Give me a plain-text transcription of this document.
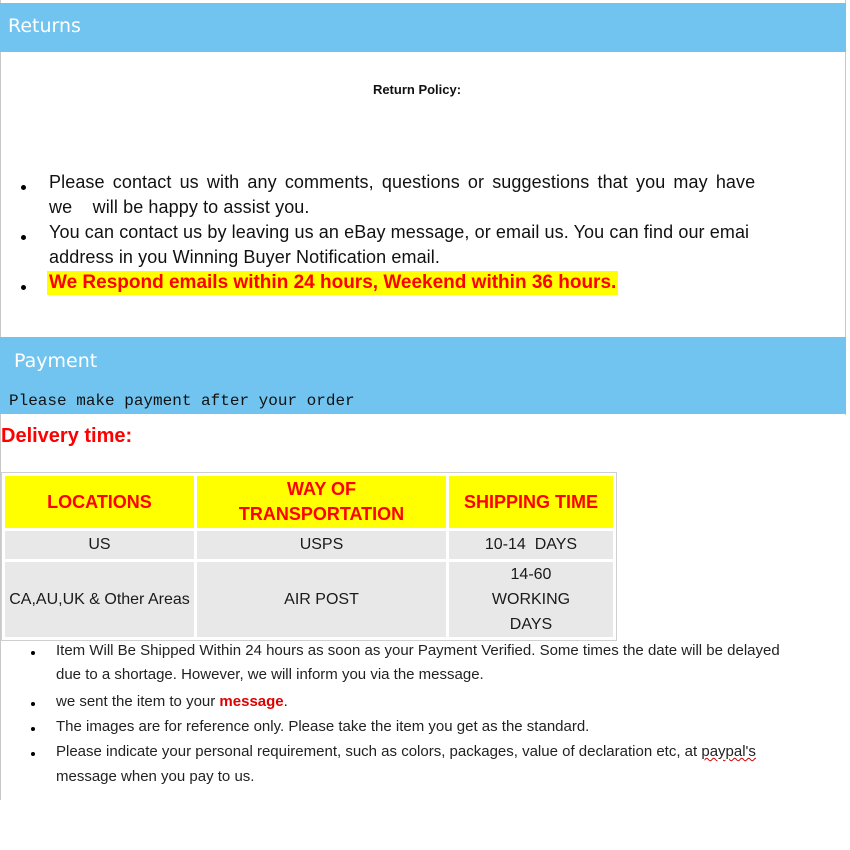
Returns
Return Policy:
Please contact us with any comments, questions or suggestions that you may have
we    will be happy to assist you.
You can contact us by leaving us an eBay message, or email us. You can find our emai
address in you Winning Buyer Notification email.
We Respond emails within 24 hours, Weekend within 36 hours.
Payment
Please make payment after your order
Delivery time:
LOCATIONS	WAY OF TRANSPORTATION	SHIPPING TIME
US	USPS	10-14  DAYS
CA,AU,UK & Other Areas	AIR POST	14-60 WORKING DAYS
Item Will Be Shipped Within 24 hours as soon as your Payment Verified. Some times the date will be delayed
due to a shortage. However, we will inform you via the message.
we sent the item to your message.
The images are for reference only. Please take the item you get as the standard.
Please indicate your personal requirement, such as colors, packages, value of declaration etc, at paypal's
message when you pay to us.
